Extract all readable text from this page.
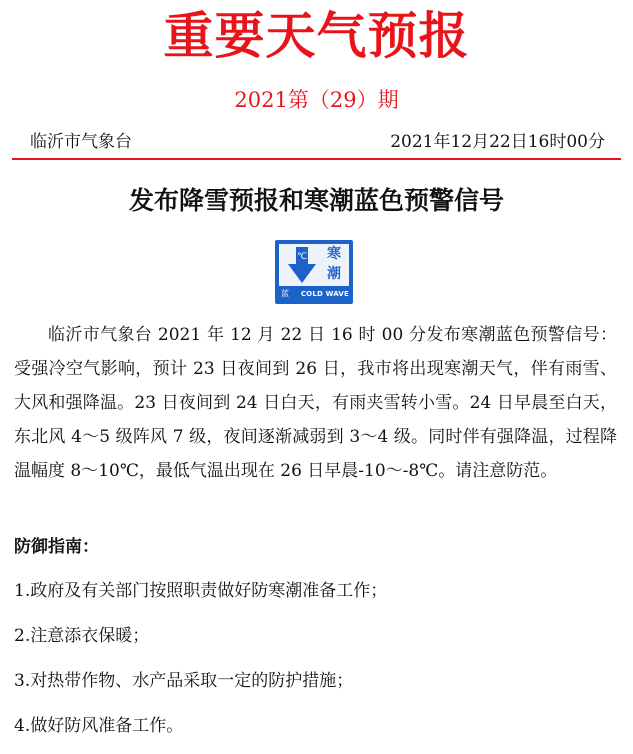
重要天气预报
2021第（29）期
临沂市气象台	2021年12月22日16时00分
发布降雪预报和寒潮蓝色预警信号
℃	寒
潮
蓝 COLD WAVE

临沂市气象台 2021 年 12 月 22 日 16 时 00 分发布寒潮蓝色预警信号：受强冷空气影响，预计 23 日夜间到 26 日，我市将出现寒潮天气，伴有雨雪、大风和强降温。23 日夜间到 24 日白天，有雨夹雪转小雪。24 日早晨至白天，东北风 4～5 级阵风 7 级，夜间逐渐减弱到 3～4 级。同时伴有强降温，过程降温幅度 8～10℃，最低气温出现在 26 日早晨-10～-8℃。请注意防范。

防御指南：
1.政府及有关部门按照职责做好防寒潮准备工作；
2.注意添衣保暖；
3.对热带作物、水产品采取一定的防护措施；
4.做好防风准备工作。
